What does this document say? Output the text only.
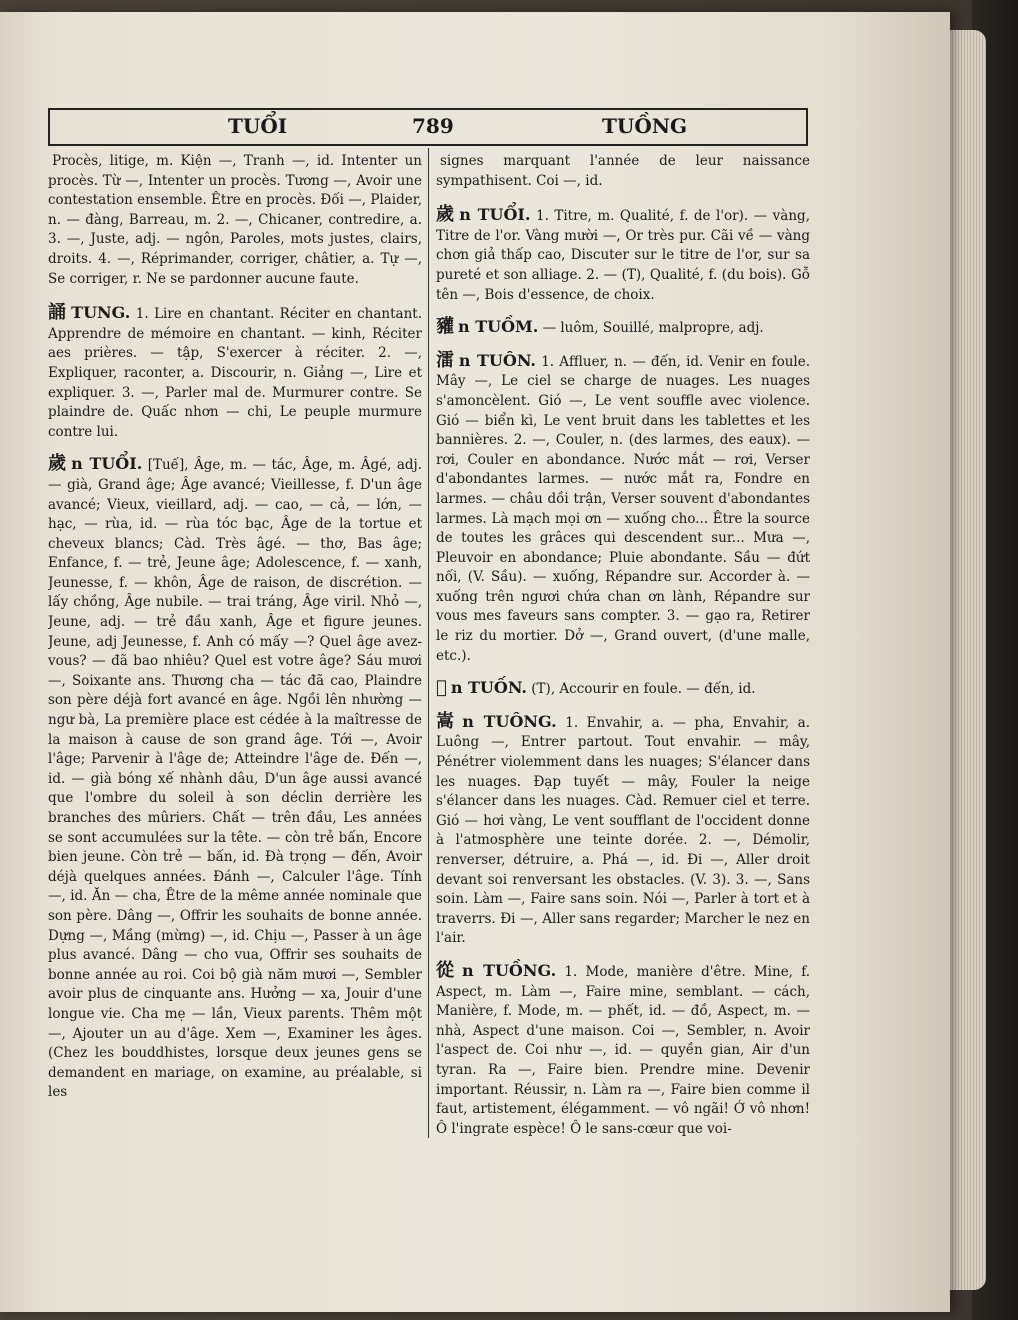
TUỔI	789	TUỒNG

Procès, litige, m. Kiện —, Tranh —, id. Intenter un procès. Từ —, Intenter un procès. Tương —, Avoir une contestation ensemble. Être en procès. Đối —, Plaider, n. — đàng, Barreau, m. 2. —, Chicaner, contredire, a. 3. —, Juste, adj. — ngôn, Paroles, mots justes, clairs, droits. 4. —, Réprimander, corriger, châtier, a. Tự —, Se corriger, r. Ne se pardonner aucune faute.

誦 TUNG. 1. Lire en chantant. Réciter en chantant. Apprendre de mémoire en chantant. — kinh, Réciter aes prières. — tập, S'exercer à réciter. 2. —, Expliquer, raconter, a. Discourir, n. Giảng —, Lire et expliquer. 3. —, Parler mal de. Murmurer contre. Se plaindre de. Quấc nhơn — chi, Le peuple murmure contre lui.

歲 n TUỔI. [Tuế], Âge, m. — tác, Âge, m. Âgé, adj. — già, Grand âge; Âge avancé; Vieillesse, f. D'un âge avancé; Vieux, vieillard, adj. — cao, — cả, — lớn, — hạc, — rùa, id. — rùa tóc bạc, Âge de la tortue et cheveux blancs; Càd. Très âgé. — thơ, Bas âge; Enfance, f. — trẻ, Jeune âge; Adolescence, f. — xanh, Jeunesse, f. — khôn, Âge de raison, de discrétion. — lấy chồng, Âge nubile. — trai tráng, Âge viril. Nhỏ —, Jeune, adj. — trẻ đầu xanh, Âge et figure jeunes. Jeune, adj Jeunesse, f. Anh có mấy —? Quel âge avez-vous? — đã bao nhiêu? Quel est votre âge? Sáu mươi —, Soixante ans. Thương cha — tác đã cao, Plaindre son père déjà fort avancé en âge. Ngồi lên nhường — ngư bà, La première place est cédée à la maîtresse de la maison à cause de son grand âge. Tới —, Avoir l'âge; Parvenir à l'âge de; Atteindre l'âge de. Đến —, id. — già bóng xế nhành dâu, D'un âge aussi avancé que l'ombre du soleil à son déclin derrière les branches des mûriers. Chất — trên đầu, Les années se sont accumulées sur la tête. — còn trẻ bấn, Encore bien jeune. Còn trẻ — bấn, id. Đà trọng — đến, Avoir déjà quelques années. Đánh —, Calculer l'âge. Tính —, id. Ăn — cha, Être de la même année nominale que son père. Dâng —, Offrir les souhaits de bonne année. Dựng —, Mầng (mừng) —, id. Chịu —, Passer à un âge plus avancé. Dâng — cho vua, Offrir ses souhaits de bonne année au roi. Coi bộ già năm mươi —, Sembler avoir plus de cinquante ans. Hưởng — xa, Jouir d'une longue vie. Cha mẹ — lần, Vieux parents. Thêm một —, Ajouter un au d'âge. Xem —, Examiner les âges. (Chez les bouddhistes, lorsque deux jeunes gens se demandent en mariage, on examine, au préalable, si les

signes marquant l'année de leur naissance sympathisent. Coi —, id.

歲 n TUỔI. 1. Titre, m. Qualité, f. de l'or). — vàng, Titre de l'or. Vàng mười —, Or très pur. Cãi về — vàng chơn giả thấp cao, Discuter sur le titre de l'or, sur sa pureté et son alliage. 2. — (T), Qualité, f. (du bois). Gỗ tên —, Bois d'essence, de choix.

䝔 n TUỒM. — luôm, Souillé, malpropre, adj.

㵢 n TUÔN. 1. Affluer, n. — đến, id. Venir en foule. Mây —, Le ciel se charge de nuages. Les nuages s'amoncèlent. Gió —, Le vent souffle avec violence. Gió — biển kì, Le vent bruit dans les tablettes et les bannières. 2. —, Couler, n. (des larmes, des eaux). — rơi, Couler en abondance. Nước mắt — rơi, Verser d'abondantes larmes. — nước mắt ra, Fondre en larmes. — châu dồi trận, Verser souvent d'abondantes larmes. Là mạch mọi ơn — xuống cho... Être la source de toutes les grâces qui descendent sur... Mưa —, Pleuvoir en abondance; Pluie abondante. Sầu — đứt nối, (V. Sầu). — xuống, Répandre sur. Accorder à. — xuống trên ngươi chứa chan ơn lành, Répandre sur vous mes faveurs sans compter. 3. — gạo ra, Retirer le riz du mortier. Dở —, Grand ouvert, (d'une malle, etc.).

𨅸 n TUỐN. (T), Accourir en foule. — đến, id.

嵩 n TUÔNG. 1. Envahir, a. — pha, Envahir, a. Luông —, Entrer partout. Tout envahir. — mây, Pénétrer violemment dans les nuages; S'élancer dans les nuages. Đạp tuyết — mây, Fouler la neige s'élancer dans les nuages. Càd. Remuer ciel et terre. Gió — hơi vàng, Le vent soufflant de l'occident donne à l'atmosphère une teinte dorée. 2. —, Démolir, renverser, détruire, a. Phá —, id. Đi —, Aller droit devant soi renversant les obstacles. (V. 3). 3. —, Sans soin. Làm —, Faire sans soin. Nói —, Parler à tort et à traverrs. Đi —, Aller sans regarder; Marcher le nez en l'air.

從 n TUỒNG. 1. Mode, manière d'être. Mine, f. Aspect, m. Làm —, Faire mine, semblant. — cách, Manière, f. Mode, m. — phết, id. — đồ, Aspect, m. — nhà, Aspect d'une maison. Coi —, Sembler, n. Avoir l'aspect de. Coi như —, id. — quyền gian, Air d'un tyran. Ra —, Faire bien. Prendre mine. Devenir important. Réussir, n. Làm ra —, Faire bien comme il faut, artistement, élégamment. — vô ngãi! Ớ vô nhơn! Ô l'ingrate espèce! Ô le sans-cœur que voi-
